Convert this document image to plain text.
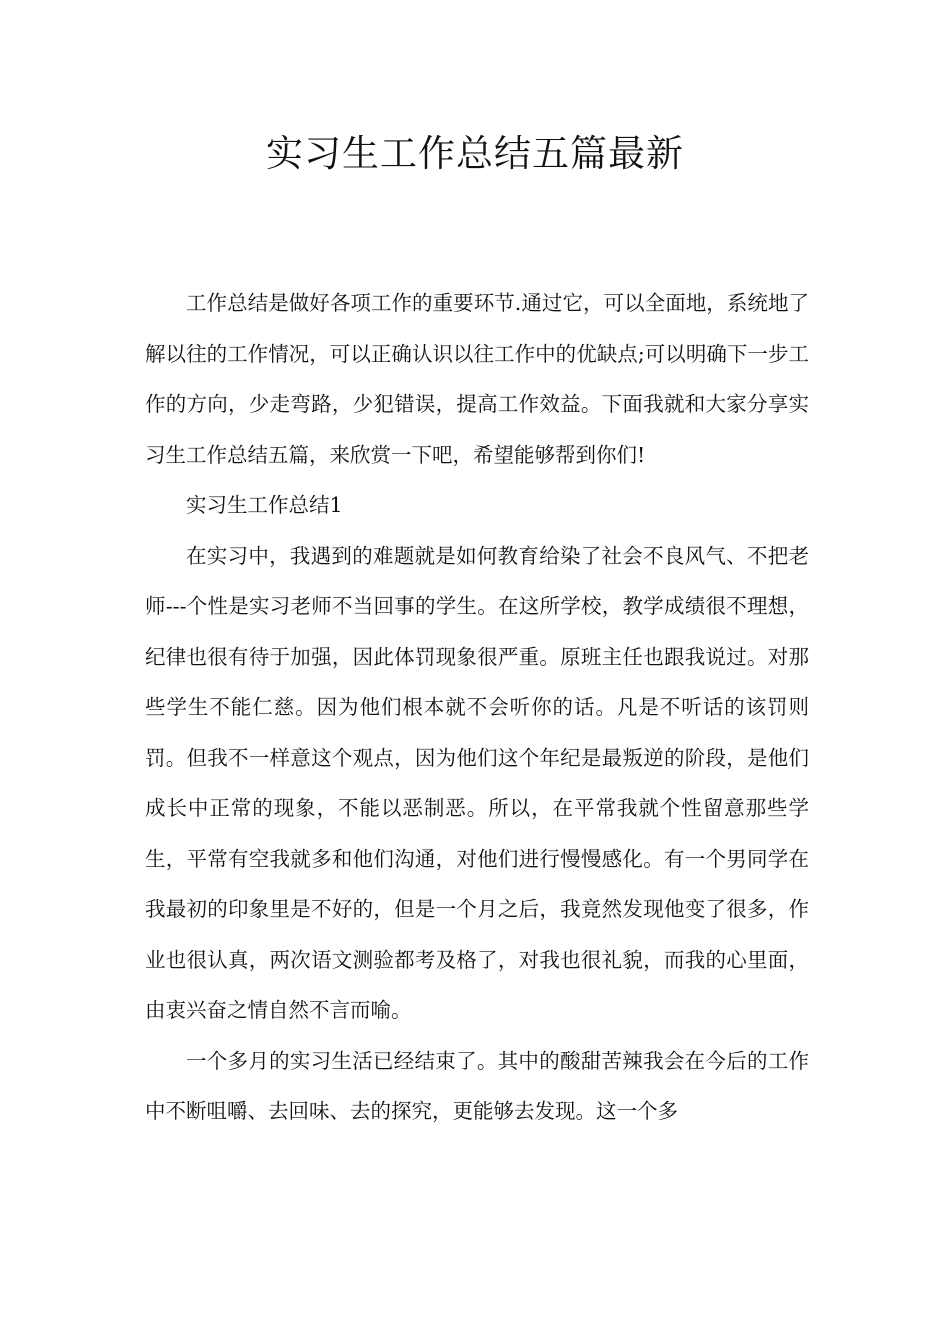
实习生工作总结五篇最新

工作总结是做好各项工作的重要环节.通过它，可以全面地，系统地了解以往的工作情况，可以正确认识以往工作中的优缺点;可以明确下一步工作的方向，少走弯路，少犯错误，提高工作效益。下面我就和大家分享实习生工作总结五篇，来欣赏一下吧，希望能够帮到你们!

实习生工作总结1

在实习中，我遇到的难题就是如何教育给染了社会不良风气、不把老师---个性是实习老师不当回事的学生。在这所学校，教学成绩很不理想，纪律也很有待于加强，因此体罚现象很严重。原班主任也跟我说过。对那些学生不能仁慈。因为他们根本就不会听你的话。凡是不听话的该罚则罚。但我不一样意这个观点，因为他们这个年纪是最叛逆的阶段，是他们成长中正常的现象，不能以恶制恶。所以，在平常我就个性留意那些学生，平常有空我就多和他们沟通，对他们进行慢慢感化。有一个男同学在我最初的印象里是不好的，但是一个月之后，我竟然发现他变了很多，作业也很认真，两次语文测验都考及格了，对我也很礼貌，而我的心里面，由衷兴奋之情自然不言而喻。

一个多月的实习生活已经结束了。其中的酸甜苦辣我会在今后的工作中不断咀嚼、去回味、去的探究，更能够去发现。这一个多
